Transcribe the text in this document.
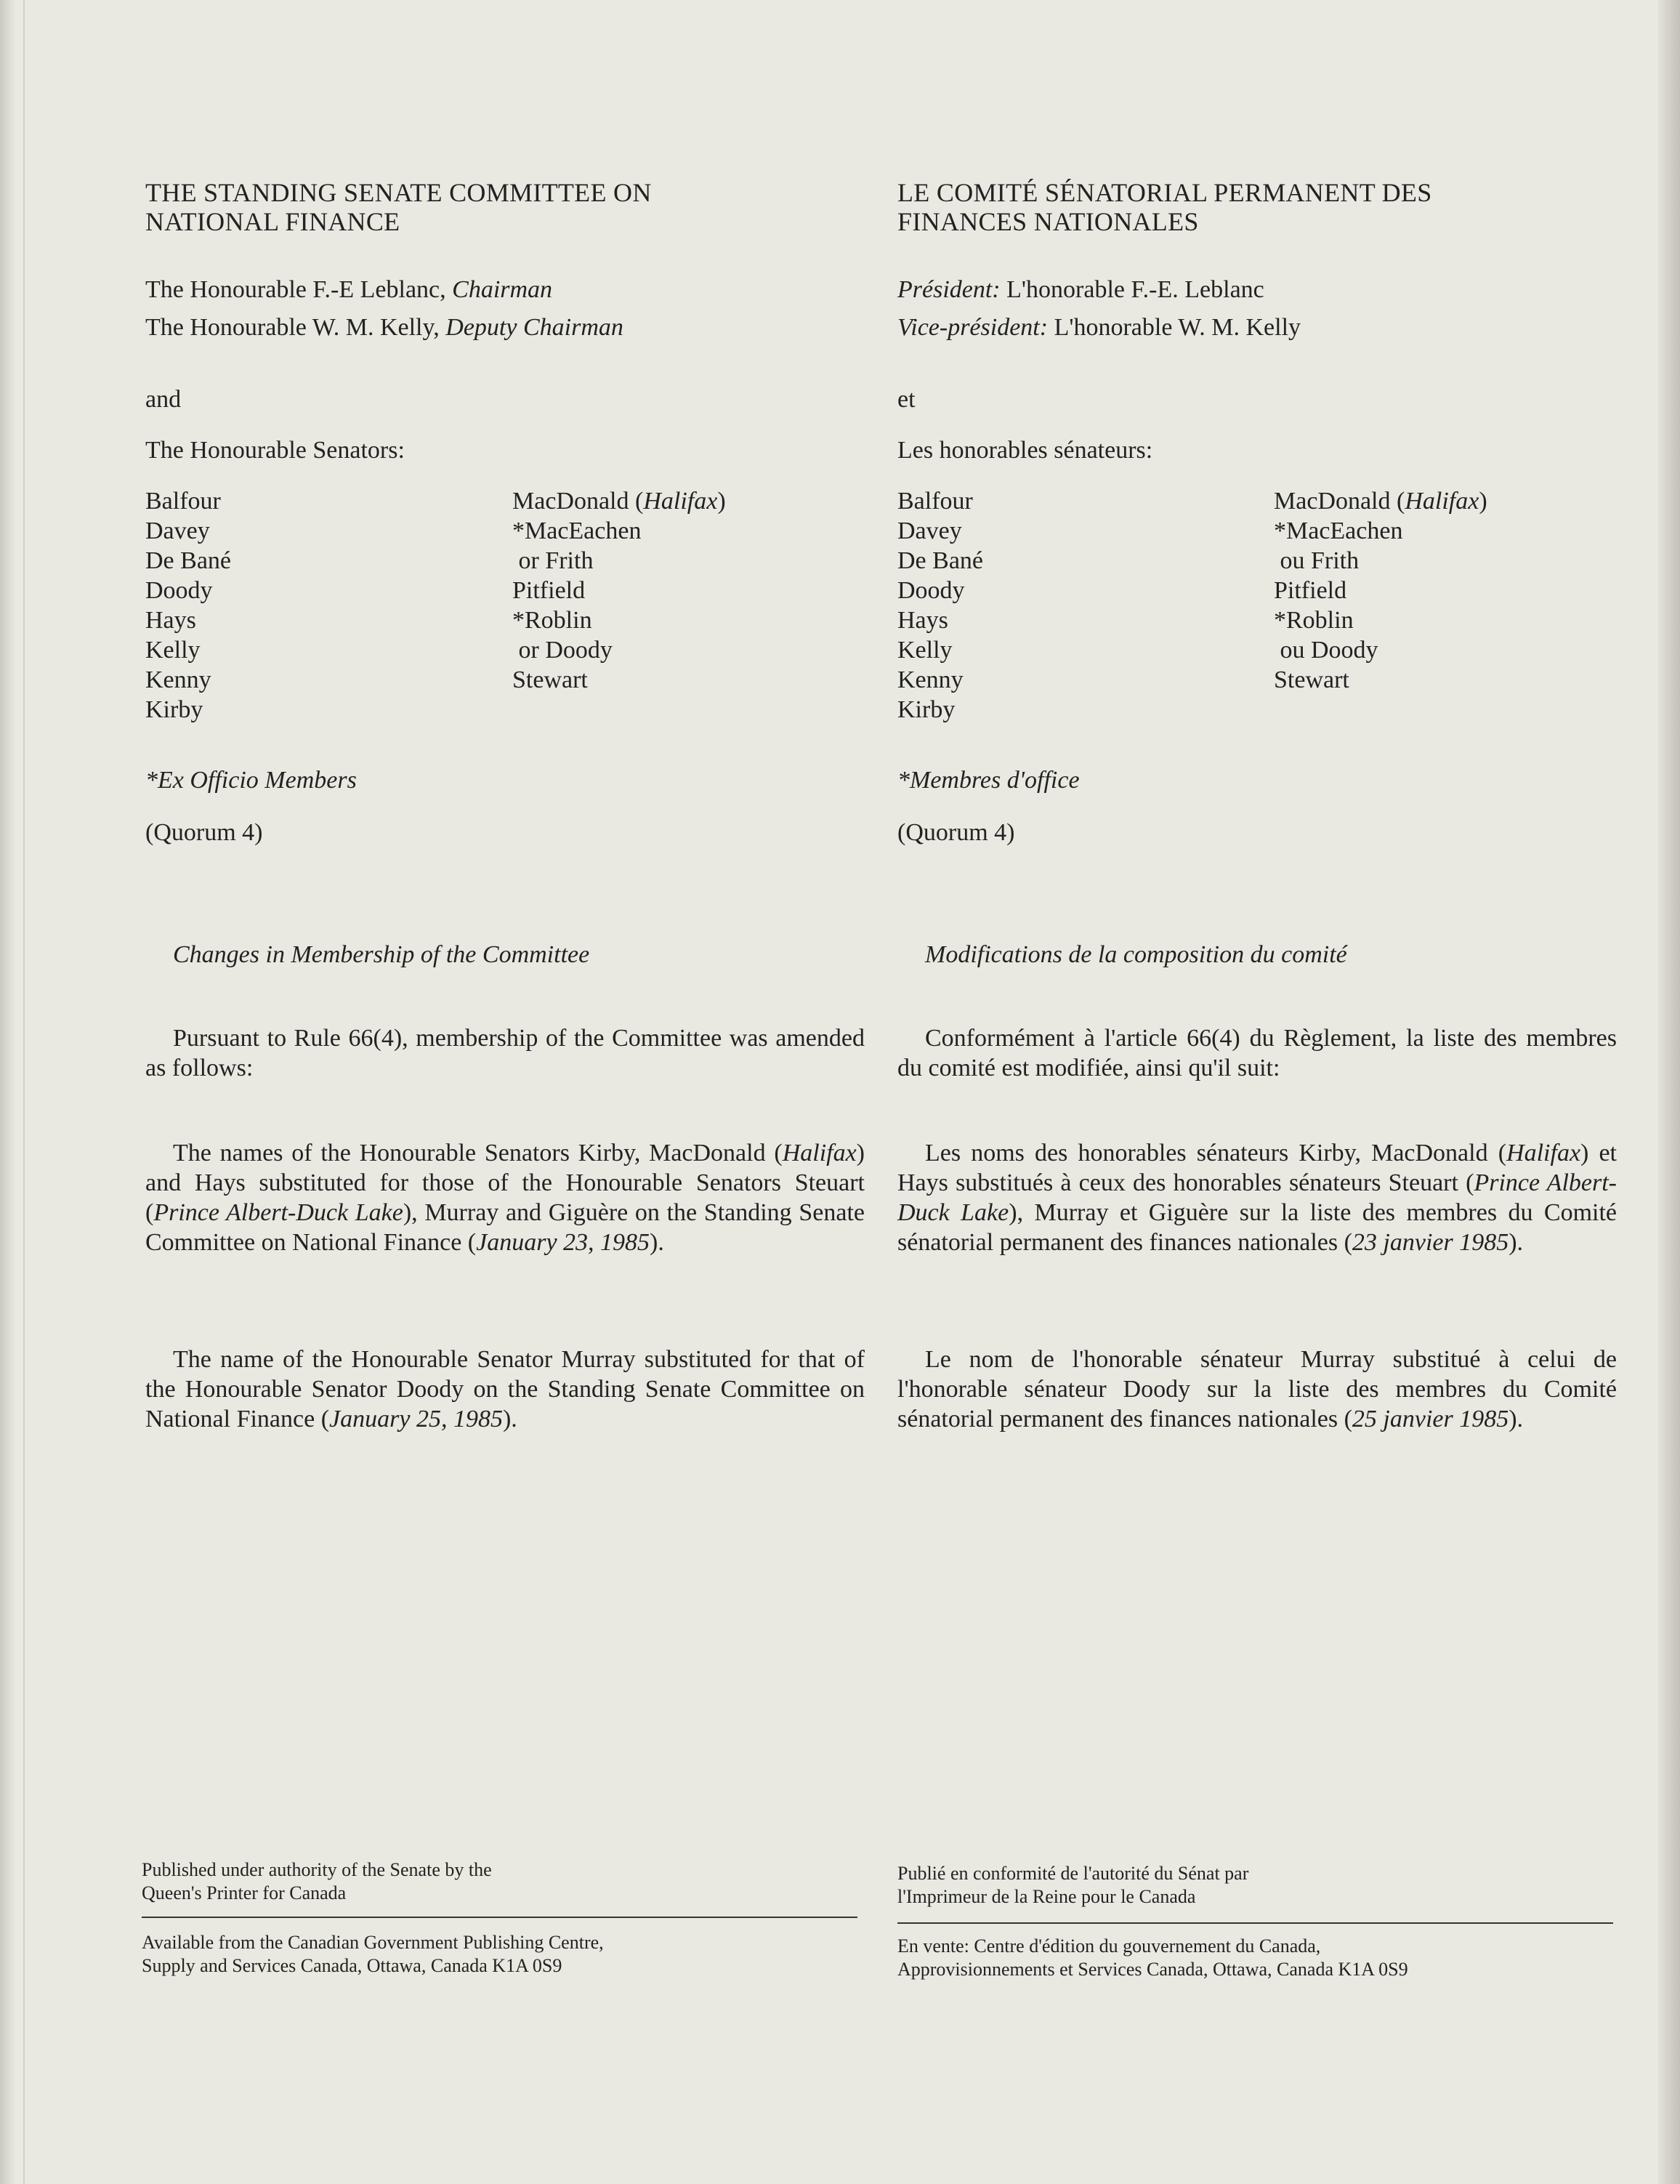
THE STANDING SENATE COMMITTEE ON
NATIONAL FINANCE
The Honourable F.-E Leblanc, Chairman
The Honourable W. M. Kelly, Deputy Chairman
and
The Honourable Senators:
Balfour
Davey
De Bané
Doody
Hays
Kelly
Kenny
Kirby
MacDonald (Halifax)
*MacEachen
or Frith
Pitfield
*Roblin
or Doody
Stewart
*Ex Officio Members
(Quorum 4)
Changes in Membership of the Committee
Pursuant to Rule 66(4), membership of the Committee was amended as follows:
The names of the Honourable Senators Kirby, MacDonald (Halifax) and Hays substituted for those of the Honourable Senators Steuart (Prince Albert-Duck Lake), Murray and Giguère on the Standing Senate Committee on National Finance (January 23, 1985).
The name of the Honourable Senator Murray substituted for that of the Honourable Senator Doody on the Standing Senate Committee on National Finance (January 25, 1985).
Published under authority of the Senate by the
Queen's Printer for Canada
Available from the Canadian Government Publishing Centre,
Supply and Services Canada, Ottawa, Canada K1A 0S9
LE COMITÉ SÉNATORIAL PERMANENT DES
FINANCES NATIONALES
Président: L'honorable F.-E. Leblanc
Vice-président: L'honorable W. M. Kelly
et
Les honorables sénateurs:
Balfour
Davey
De Bané
Doody
Hays
Kelly
Kenny
Kirby
MacDonald (Halifax)
*MacEachen
ou Frith
Pitfield
*Roblin
ou Doody
Stewart
*Membres d'office
(Quorum 4)
Modifications de la composition du comité
Conformément à l'article 66(4) du Règlement, la liste des membres du comité est modifiée, ainsi qu'il suit:
Les noms des honorables sénateurs Kirby, MacDonald (Halifax) et Hays substitués à ceux des honorables sénateurs Steuart (Prince Albert-Duck Lake), Murray et Giguère sur la liste des membres du Comité sénatorial permanent des finances nationales (23 janvier 1985).
Le nom de l'honorable sénateur Murray substitué à celui de l'honorable sénateur Doody sur la liste des membres du Comité sénatorial permanent des finances nationales (25 janvier 1985).
Publié en conformité de l'autorité du Sénat par
l'Imprimeur de la Reine pour le Canada
En vente: Centre d'édition du gouvernement du Canada,
Approvisionnements et Services Canada, Ottawa, Canada K1A 0S9
